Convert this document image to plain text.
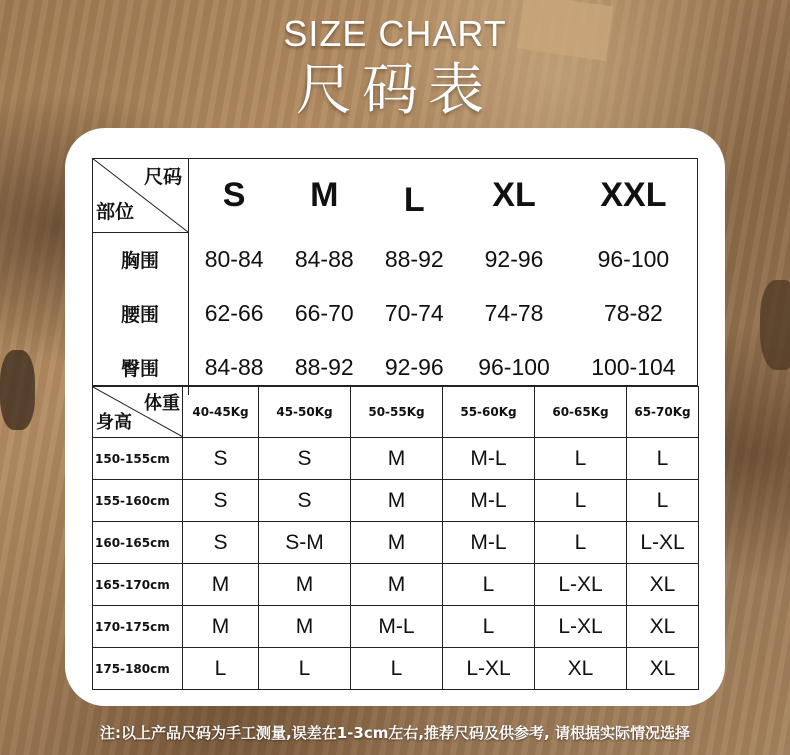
SIZE CHART
尺码表
尺码
部位	S	M	L	XL	XXL
胸围	80-84	84-88	88-92	92-96	96-100
腰围	62-66	66-70	70-74	74-78	78-82
臀围	84-88	88-92	92-96	96-100	100-104
体重
身高	40-45Kg	45-50Kg	50-55Kg	55-60Kg	60-65Kg	65-70Kg
150-155cm	S	S	M	M-L	L	L
155-160cm	S	S	M	M-L	L	L
160-165cm	S	S-M	M	M-L	L	L-XL
165-170cm	M	M	M	L	L-XL	XL
170-175cm	M	M	M-L	L	L-XL	XL
175-180cm	L	L	L	L-XL	XL	XL
注:以上产品尺码为手工测量,误差在1-3cm左右,推荐尺码及供参考, 请根据实际情况选择
